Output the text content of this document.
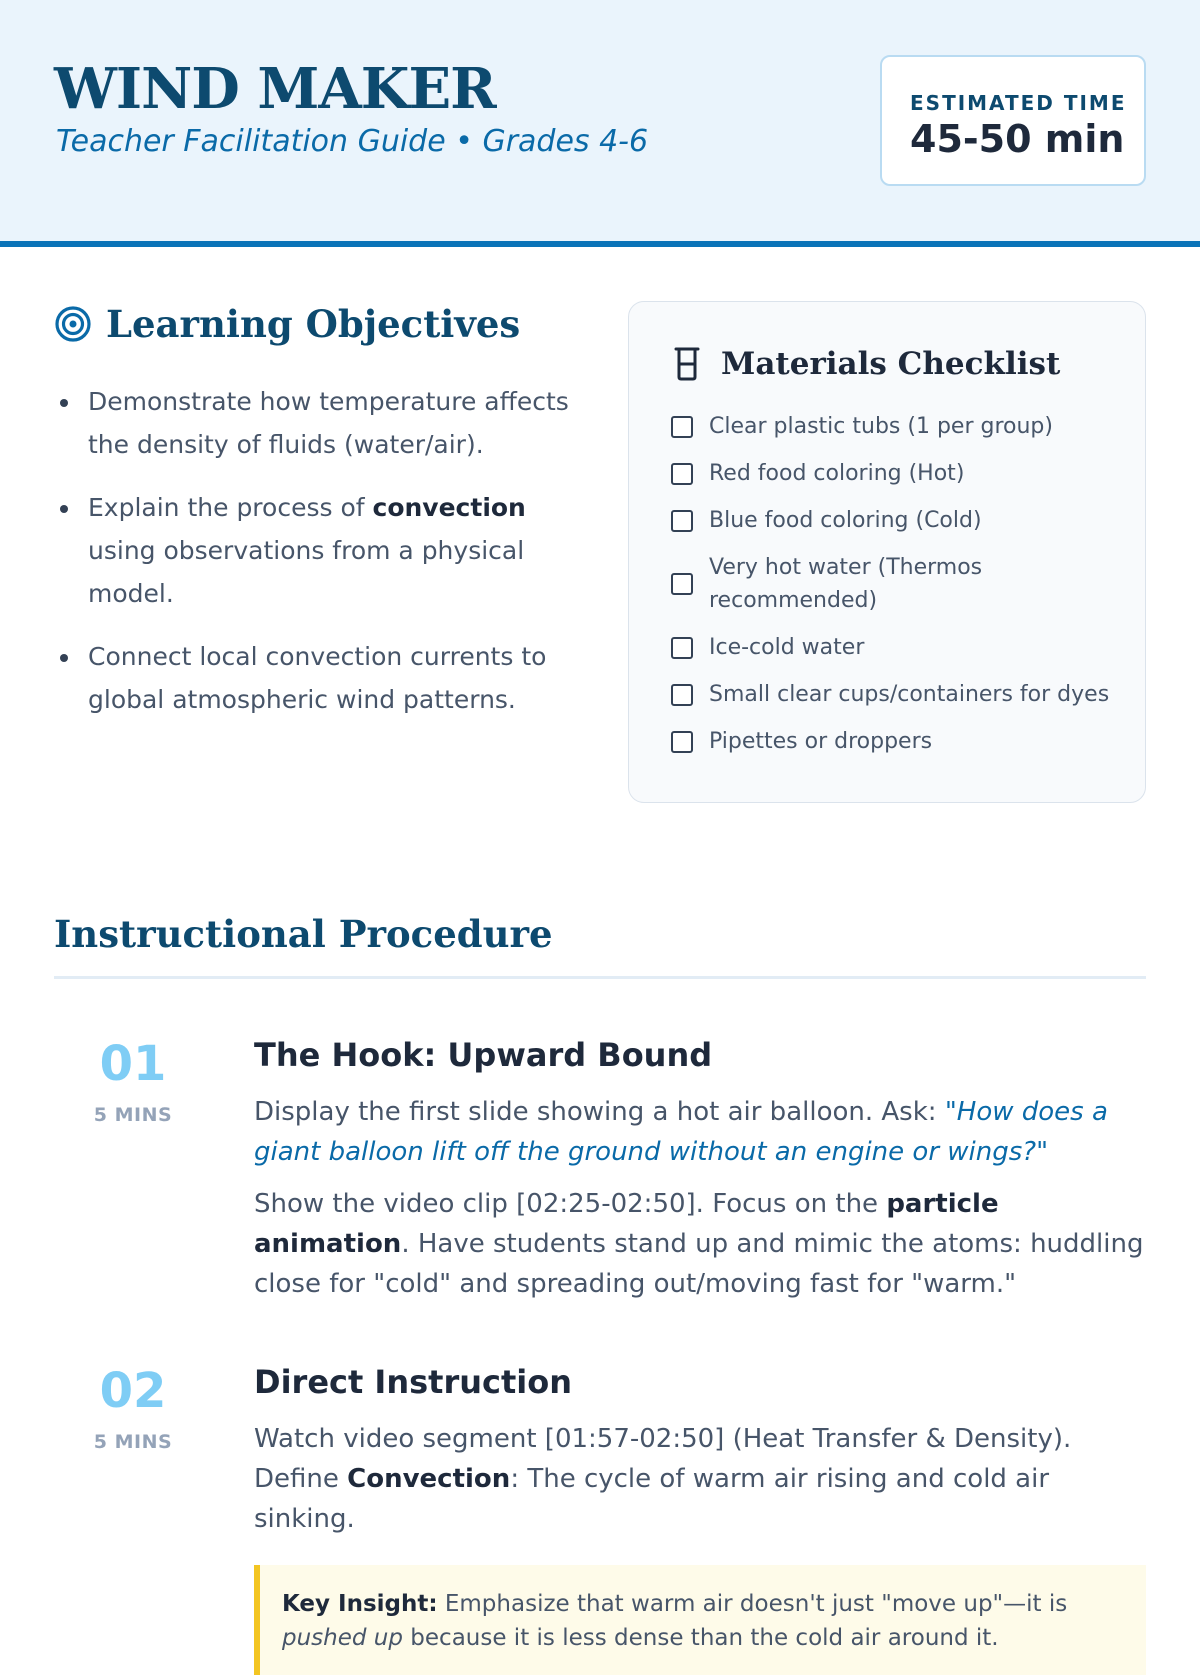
WIND MAKER
Teacher Facilitation Guide • Grades 4-6
ESTIMATED TIME
45-50 min
Learning Objectives
Demonstrate how temperature affects the density of fluids (water/air).
Explain the process of convection using observations from a physical model.
Connect local convection currents to global atmospheric wind patterns.
Materials Checklist
Clear plastic tubs (1 per group)
Red food coloring (Hot)
Blue food coloring (Cold)
Very hot water (Thermos recommended)
Ice-cold water
Small clear cups/containers for dyes
Pipettes or droppers
Instructional Procedure
01
5 MINS
The Hook: Upward Bound

Display the first slide showing a hot air balloon. Ask: "How does a giant balloon lift off the ground without an engine or wings?"

Show the video clip [02:25-02:50]. Focus on the particle animation. Have students stand up and mimic the atoms: huddling close for "cold" and spreading out/moving fast for "warm."

02
5 MINS
Direct Instruction

Watch video segment [01:57-02:50] (Heat Transfer & Density). Define Convection: The cycle of warm air rising and cold air sinking.

Key Insight: Emphasize that warm air doesn't just "move up"—it is pushed up because it is less dense than the cold air around it.
